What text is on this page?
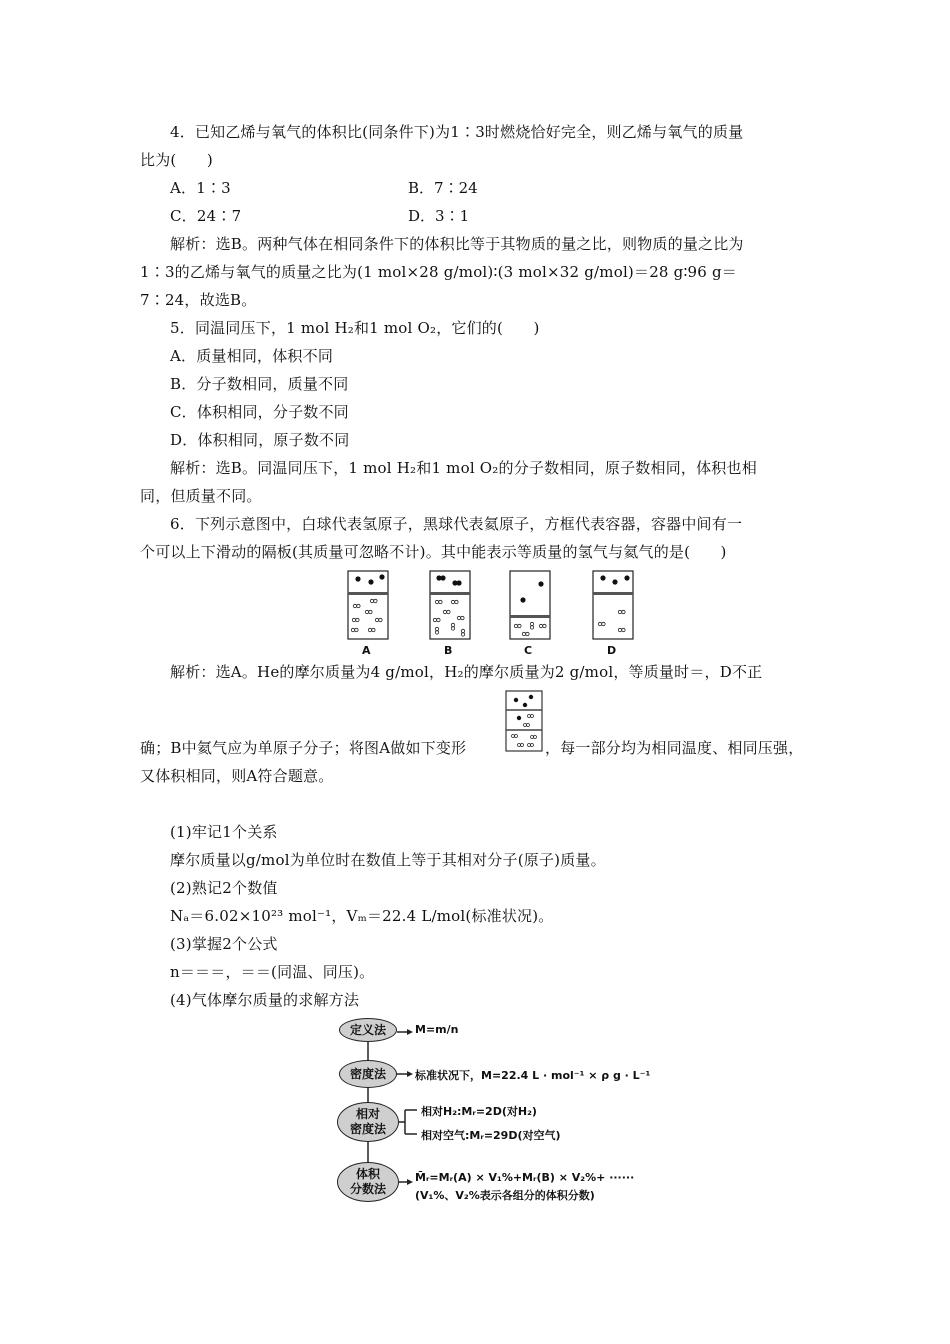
4．已知乙烯与氧气的体积比(同条件下)为1∶3时燃烧恰好完全，则乙烯与氧气的质量
比为(　　)
A．1∶3	B．7∶24
C．24∶7	D．3∶1
解析：选B。两种气体在相同条件下的体积比等于其物质的量之比，则物质的量之比为
1∶3的乙烯与氧气的质量之比为(1 mol×28 g/mol)∶(3 mol×32 g/mol)＝28 g∶96 g＝
7∶24，故选B。
5．同温同压下，1 mol H₂和1 mol O₂，它们的(　　)
A．质量相同，体积不同
B．分子数相同，质量不同
C．体积相同，分子数不同
D．体积相同，原子数不同
解析：选B。同温同压下，1 mol H₂和1 mol O₂的分子数相同，原子数相同，体积也相
同，但质量不同。
6．下列示意图中，白球代表氢原子，黑球代表氦原子，方框代表容器，容器中间有一
个可以上下滑动的隔板(其质量可忽略不计)。其中能表示等质量的氢气与氦气的是(　　)
A	B	C	D
解析：选A。He的摩尔质量为4 g/mol，H₂的摩尔质量为2 g/mol，等质量时＝，D不正
确；B中氦气应为单原子分子；将图A做如下变形	，每一部分均为相同温度、相同压强，
又体积相同，则A符合题意。
(1)牢记1个关系
摩尔质量以g/mol为单位时在数值上等于其相对分子(原子)质量。
(2)熟记2个数值
Nₐ＝6.02×10²³ mol⁻¹，Vₘ＝22.4 L/mol(标准状况)。
(3)掌握2个公式
n＝＝＝，＝＝(同温、同压)。
(4)气体摩尔质量的求解方法
定义法	M=m/n
密度法	标准状况下，M=22.4 L · mol⁻¹ × ρ g · L⁻¹
相对
密度法
相对H₂:Mᵣ=2D(对H₂)
相对空气:Mᵣ=29D(对空气)
体积
分数法
M̄ᵣ=Mᵣ(A) × V₁%+Mᵣ(B) × V₂%+ ······
(V₁%、V₂%表示各组分的体积分数)
